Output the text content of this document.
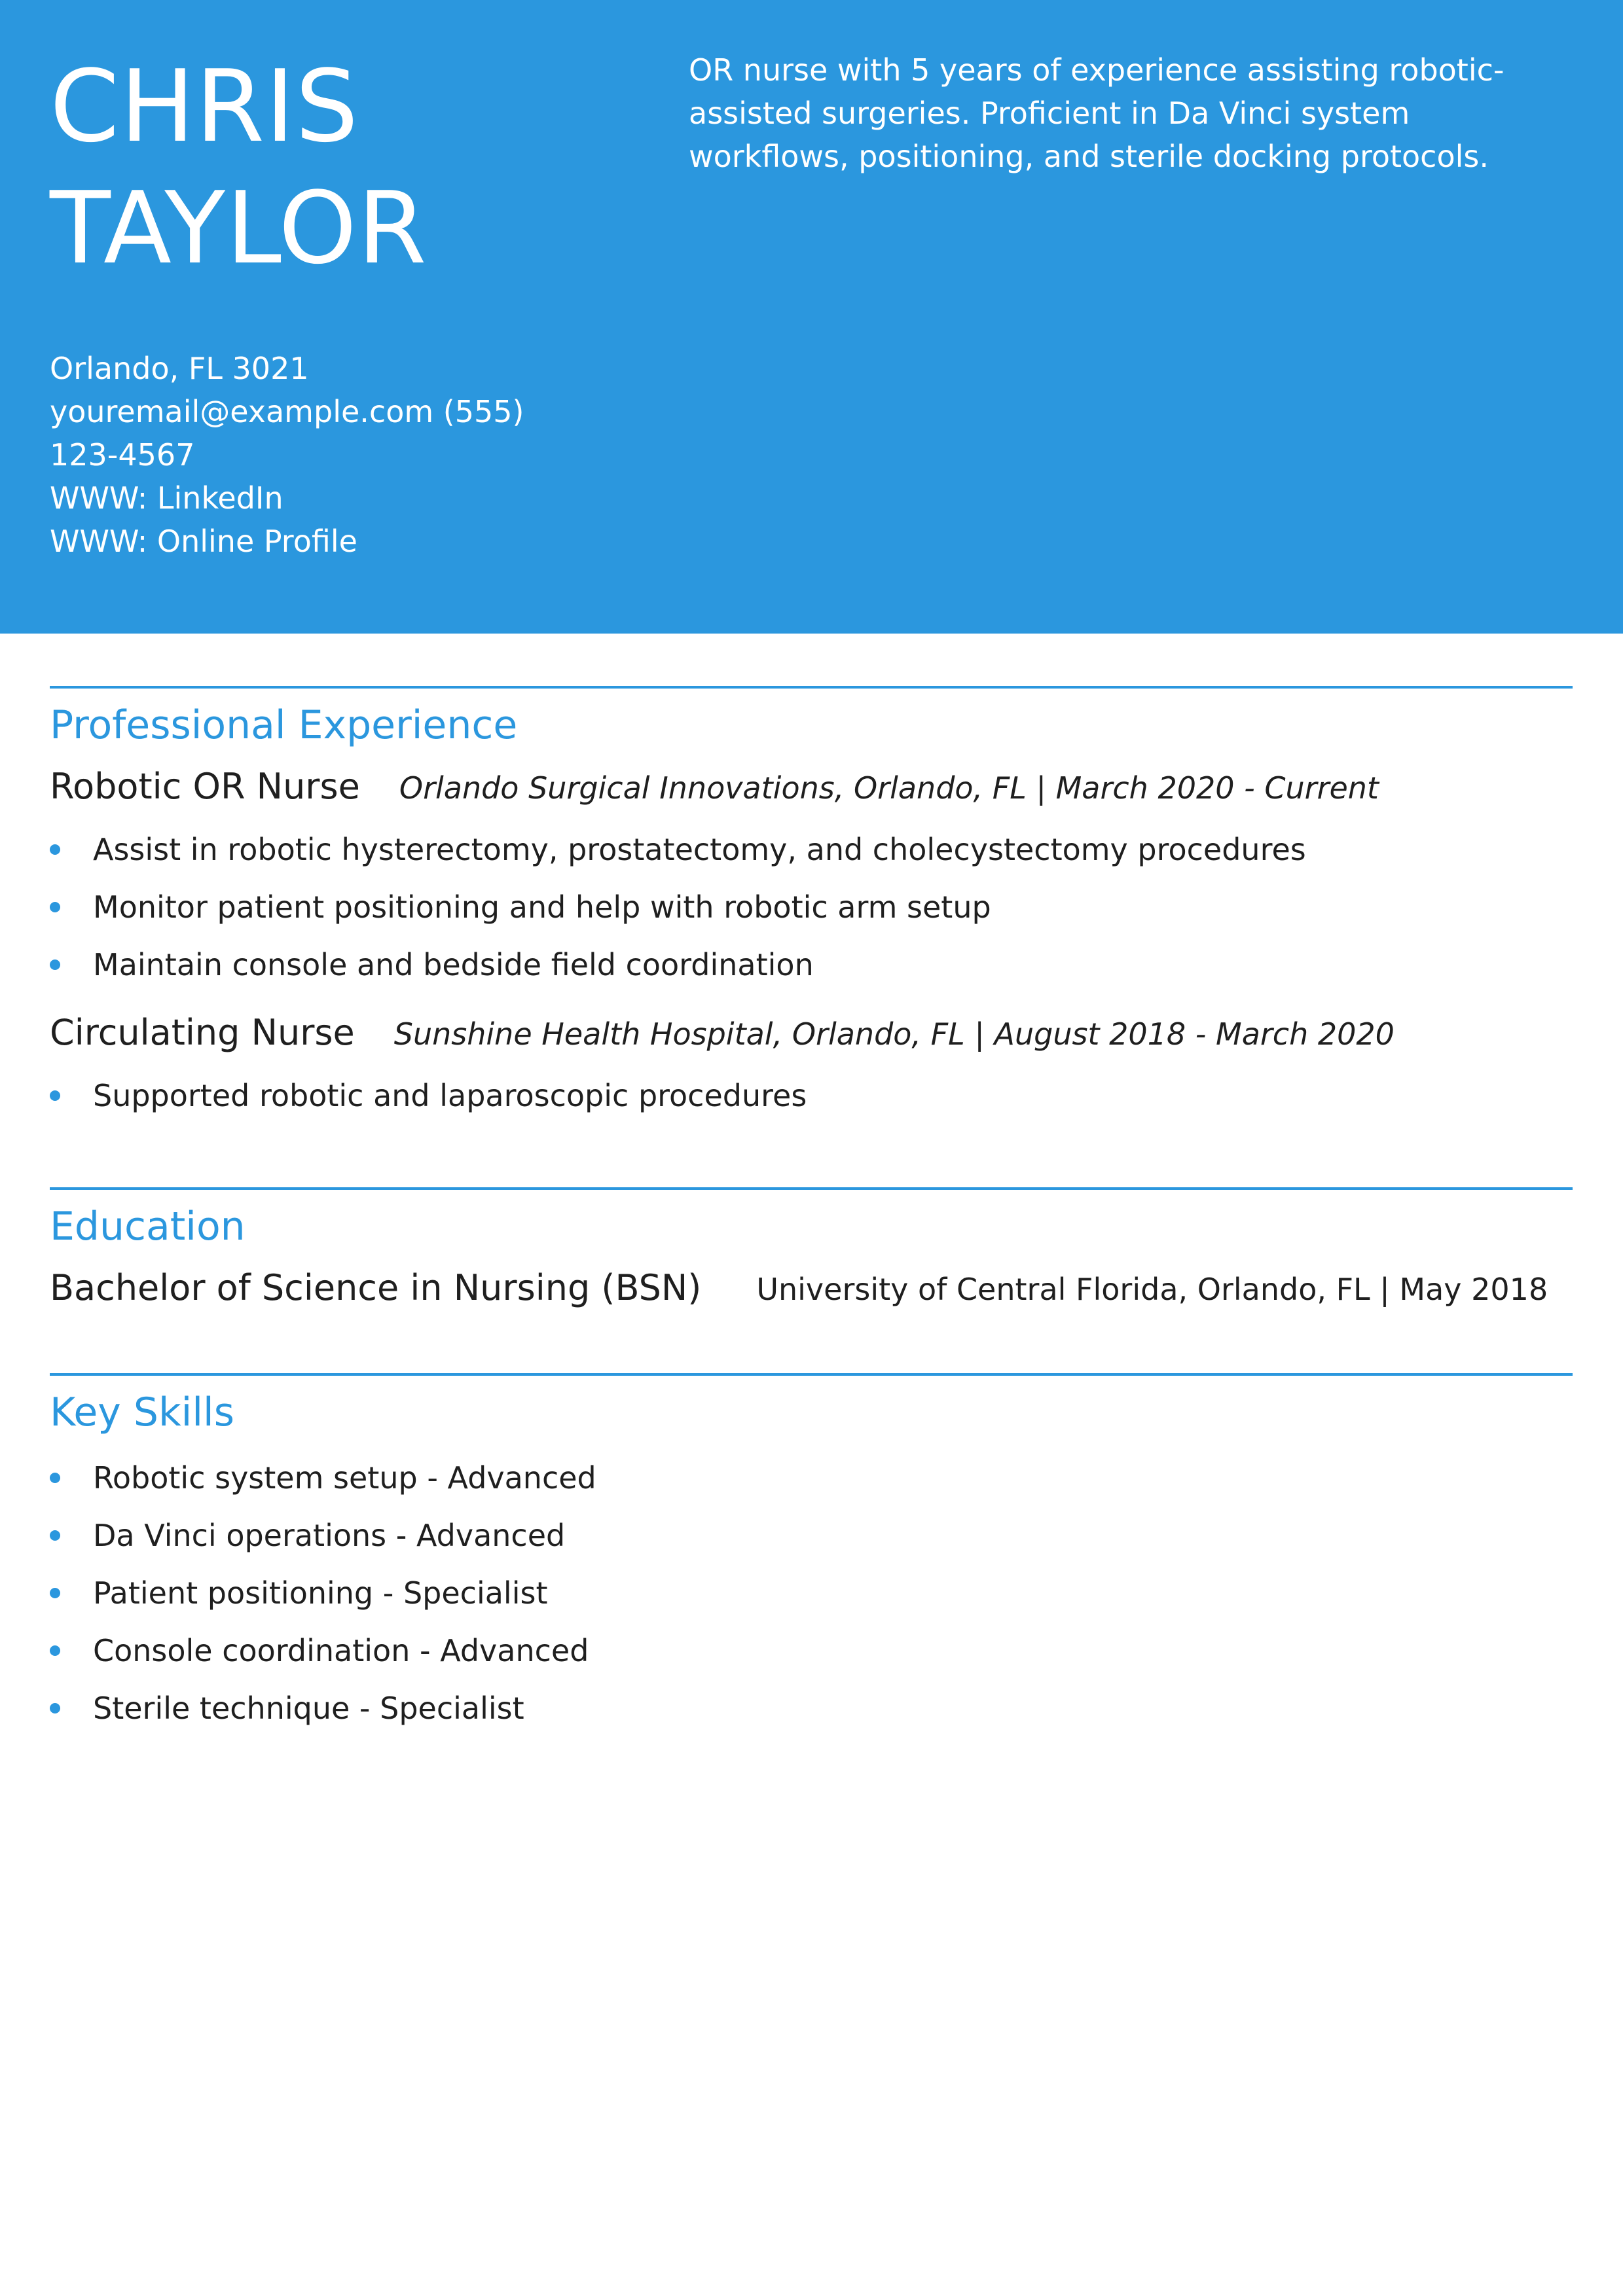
CHRIS
TAYLOR

OR nurse with 5 years of experience assisting robotic-assisted surgeries. Proficient in Da Vinci system workflows, positioning, and sterile docking protocols.

Orlando, FL 3021
youremail@example.com (555)
123-4567
WWW: LinkedIn
WWW: Online Profile
Professional Experience
Robotic OR Nurse Orlando Surgical Innovations, Orlando, FL | March 2020 - Current
Assist in robotic hysterectomy, prostatectomy, and cholecystectomy procedures
Monitor patient positioning and help with robotic arm setup
Maintain console and bedside field coordination
Circulating Nurse Sunshine Health Hospital, Orlando, FL | August 2018 - March 2020
Supported robotic and laparoscopic procedures
Education
Bachelor of Science in Nursing (BSN) University of Central Florida, Orlando, FL | May 2018
Key Skills
Robotic system setup - Advanced
Da Vinci operations - Advanced
Patient positioning - Specialist
Console coordination - Advanced
Sterile technique - Specialist
